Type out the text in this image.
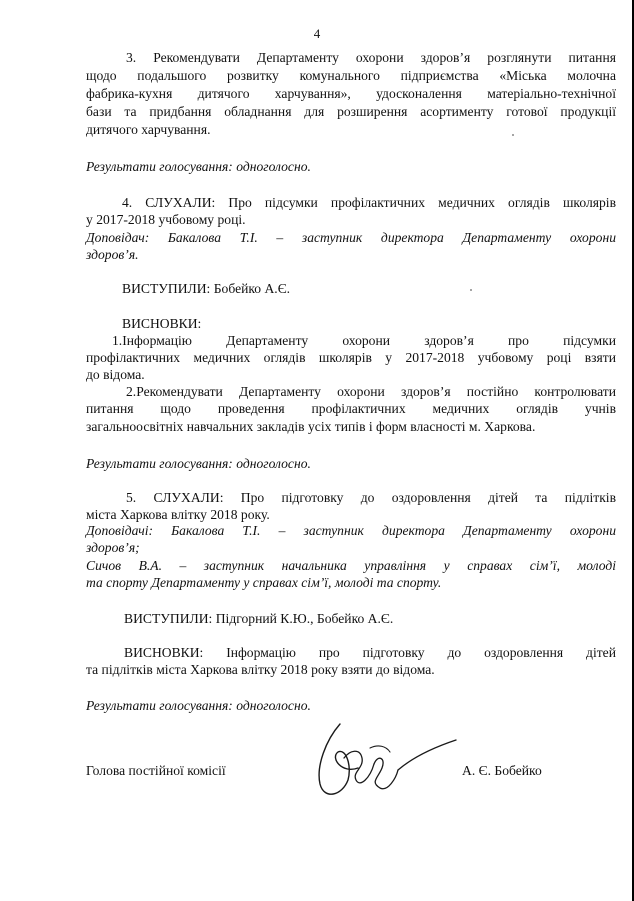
4

3. Рекомендувати Департаменту охорони здоров’я розглянути питання

щодо подальшого розвитку комунального підприємства «Міська молочна

фабрика-кухня дитячого харчування», удосконалення матеріально-технічної

бази та придбання обладнання для розширення асортименту готової продукції

дитячого харчування.

Результати голосування: одноголосно.

4. СЛУХАЛИ: Про підсумки профілактичних медичних оглядів школярів

у 2017-2018 учбовому році.

Доповідач: Бакалова Т.І. – заступник директора Департаменту охорони

здоров’я.

ВИСТУПИЛИ: Бобейко А.Є.

ВИСНОВКИ:

1.Інформацію Департаменту охорони здоров’я про підсумки

профілактичних медичних оглядів школярів у 2017-2018 учбовому році взяти

до відома.

2.Рекомендувати Департаменту охорони здоров’я постійно контролювати

питання щодо проведення профілактичних медичних оглядів учнів

загальноосвітніх навчальних закладів усіх типів і форм власності м. Харкова.

Результати голосування: одноголосно.

5. СЛУХАЛИ: Про підготовку до оздоровлення дітей та підлітків

міста Харкова влітку 2018 року.

Доповідачі: Бакалова Т.І. – заступник директора Департаменту охорони

здоров’я;

Сичов В.А. – заступник начальника управління у справах сім’ї, молоді

та спорту Департаменту у справах сім’ї, молоді та спорту.

ВИСТУПИЛИ: Підгорний К.Ю., Бобейко А.Є.

ВИСНОВКИ: Інформацію про підготовку до оздоровлення дітей

та підлітків міста Харкова влітку 2018 року взяти до відома.

Результати голосування: одноголосно.

Голова постійної комісії	А. Є. Бобейко
